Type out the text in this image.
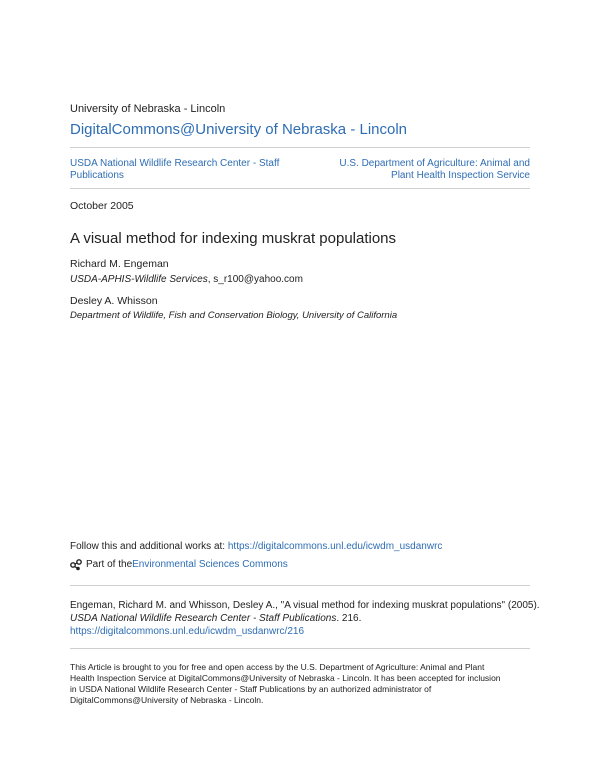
University of Nebraska - Lincoln
DigitalCommons@University of Nebraska - Lincoln
USDA National Wildlife Research Center - Staff Publications
U.S. Department of Agriculture: Animal and Plant Health Inspection Service
October 2005
A visual method for indexing muskrat populations
Richard M. Engeman
USDA-APHIS-Wildlife Services, s_r100@yahoo.com
Desley A. Whisson
Department of Wildlife, Fish and Conservation Biology, University of California
Follow this and additional works at: https://digitalcommons.unl.edu/icwdm_usdanwrc
Part of the Environmental Sciences Commons
Engeman, Richard M. and Whisson, Desley A., "A visual method for indexing muskrat populations" (2005).
USDA National Wildlife Research Center - Staff Publications. 216.
https://digitalcommons.unl.edu/icwdm_usdanwrc/216
This Article is brought to you for free and open access by the U.S. Department of Agriculture: Animal and Plant
Health Inspection Service at DigitalCommons@University of Nebraska - Lincoln. It has been accepted for inclusion
in USDA National Wildlife Research Center - Staff Publications by an authorized administrator of
DigitalCommons@University of Nebraska - Lincoln.
